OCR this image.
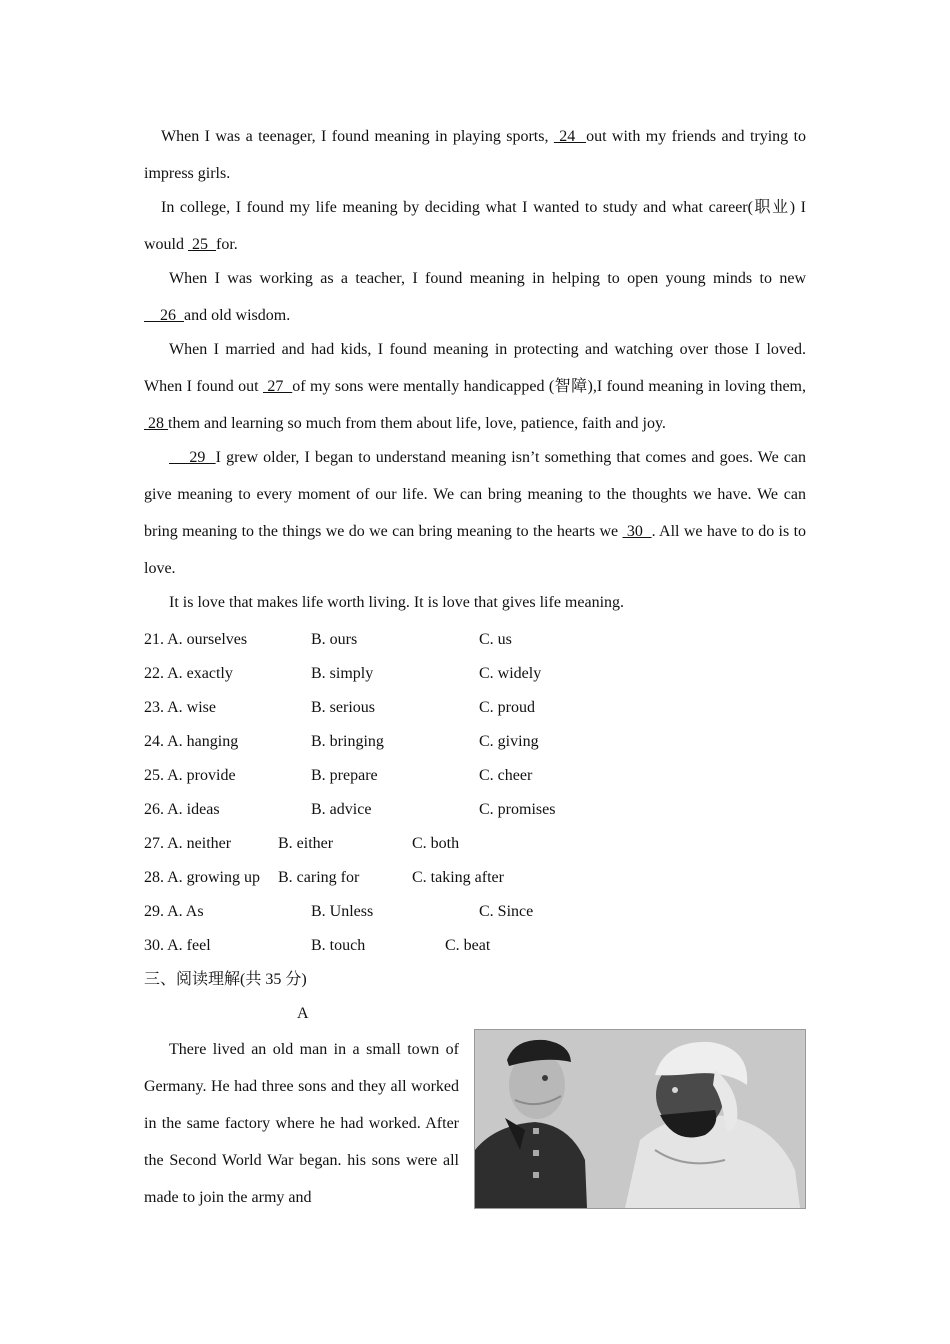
When I was a teenager, I found meaning in playing sports,  24  out with my friends and trying to impress girls.

In college, I found my life meaning by deciding what I wanted to study and what career(职业) I would  25  for.

When I was working as a teacher, I found meaning in helping to open young minds to new     26  and old wisdom.

When I married and had kids, I found meaning in protecting and watching over those I loved. When I found out  27  of my sons were mentally handicapped (智障),I found meaning in loving them,  28 them and learning so much from them about life, love, patience, faith and joy.

29  I grew older, I began to understand meaning isn’t something that comes and goes. We can give meaning to every moment of our life. We can bring meaning to the thoughts we have. We can bring meaning to the things we do we can bring meaning to the hearts we  30  . All we have to do is to love.

It is love that makes life worth living. It is love that gives life meaning.

21. A. ourselves	B. ours	C. us
22. A. exactly	B. simply	C. widely
23. A. wise	B. serious	C. proud
24. A. hanging	B. bringing	C. giving
25. A. provide	B. prepare	C. cheer
26. A. ideas	B. advice	C. promises
27. A. neither	B. either	C. both
28. A. growing up B. caring for	C. taking after
29. A. As	B. Unless	C. Since
30. A. feel	B. touch	C. beat
三、阅读理解(共 35 分)
A

There lived an old man in a small town of Germany. He had three sons and they all worked in the same factory where he had worked. After the Second World War began. his sons were all made to join the army and
